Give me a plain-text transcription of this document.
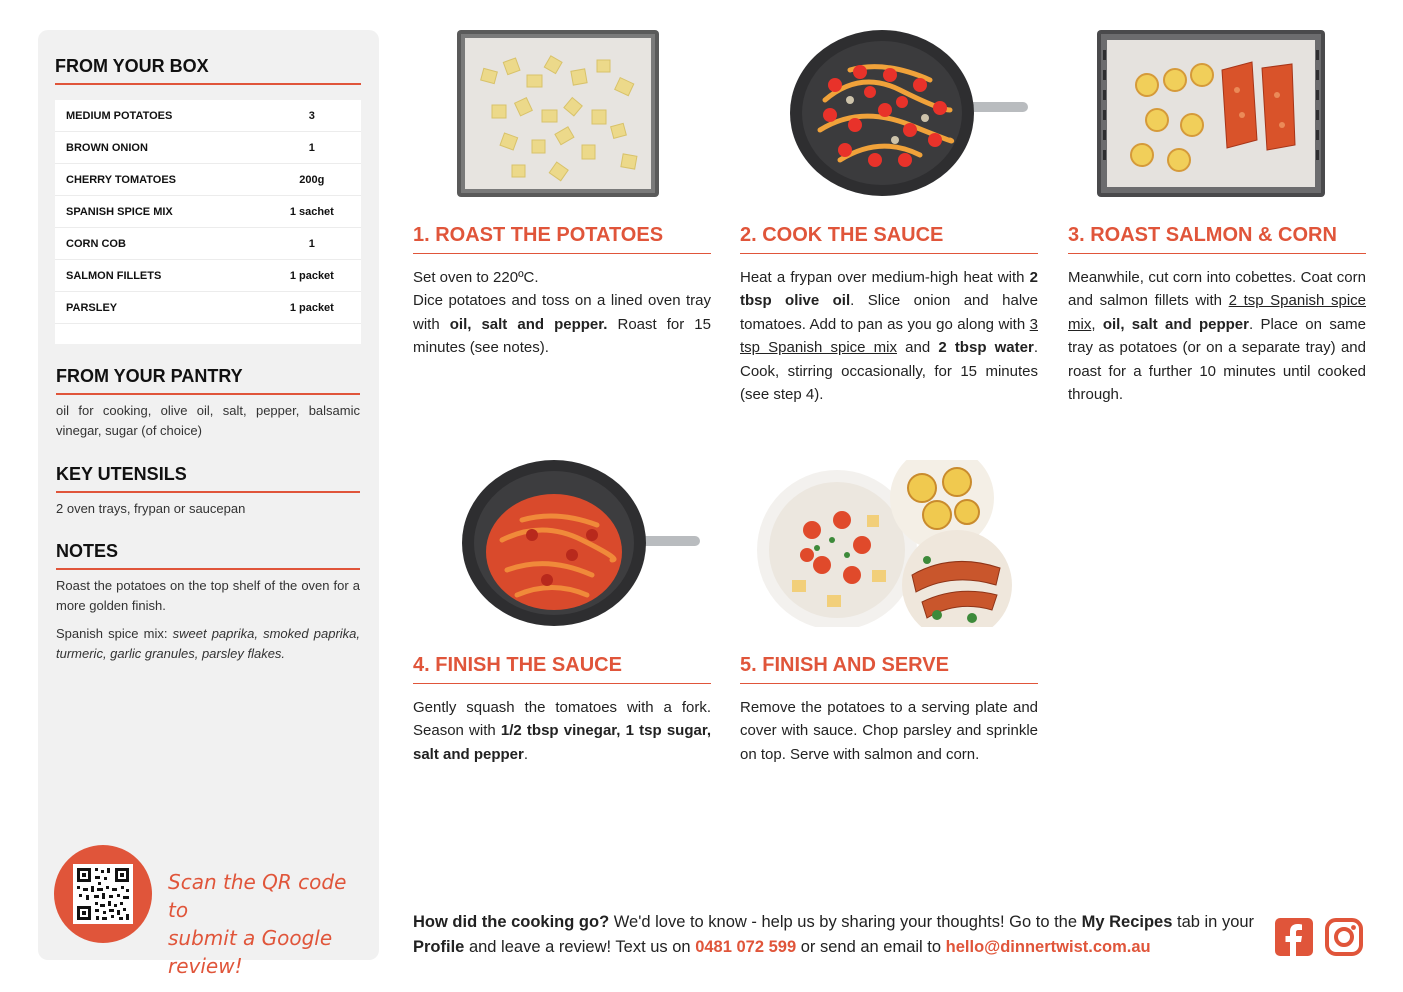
FROM YOUR BOX
MEDIUM POTATOES	3
BROWN ONION	1
CHERRY TOMATOES	200g
SPANISH SPICE MIX	1 sachet
CORN COB	1
SALMON FILLETS	1 packet
PARSLEY	1 packet
FROM YOUR PANTRY

oil for cooking, olive oil, salt, pepper, balsamic vinegar, sugar (of choice)

KEY UTENSILS

2 oven trays, frypan or saucepan

NOTES

Roast the potatoes on the top shelf of the oven for a more golden finish.

Spanish spice mix: sweet paprika, smoked paprika, turmeric, garlic granules, parsley flakes.

Scan the QR code to
submit a Google review!
1. ROAST THE POTATOES

Set oven to 220ºC.
Dice potatoes and toss on a lined oven tray with oil, salt and pepper. Roast for 15 minutes (see notes).

2. COOK THE SAUCE

Heat a frypan over medium-high heat with 2 tbsp olive oil. Slice onion and halve tomatoes. Add to pan as you go along with 3 tsp Spanish spice mix and 2 tbsp water. Cook, stirring occasionally, for 15 minutes (see step 4).

3. ROAST SALMON & CORN

Meanwhile, cut corn into cobettes. Coat corn and salmon fillets with 2 tsp Spanish spice mix, oil, salt and pepper. Place on same tray as potatoes (or on a separate tray) and roast for a further 10 minutes until cooked through.

4. FINISH THE SAUCE

Gently squash the tomatoes with a fork. Season with 1/2 tbsp vinegar, 1 tsp sugar, salt and pepper.

5. FINISH AND SERVE

Remove the potatoes to a serving plate and cover with sauce. Chop parsley and sprinkle on top. Serve with salmon and corn.

How did the cooking go? We'd love to know - help us by sharing your thoughts! Go to the My Recipes tab in your Profile and leave a review! Text us on 0481 072 599 or send an email to hello@dinnertwist.com.au
